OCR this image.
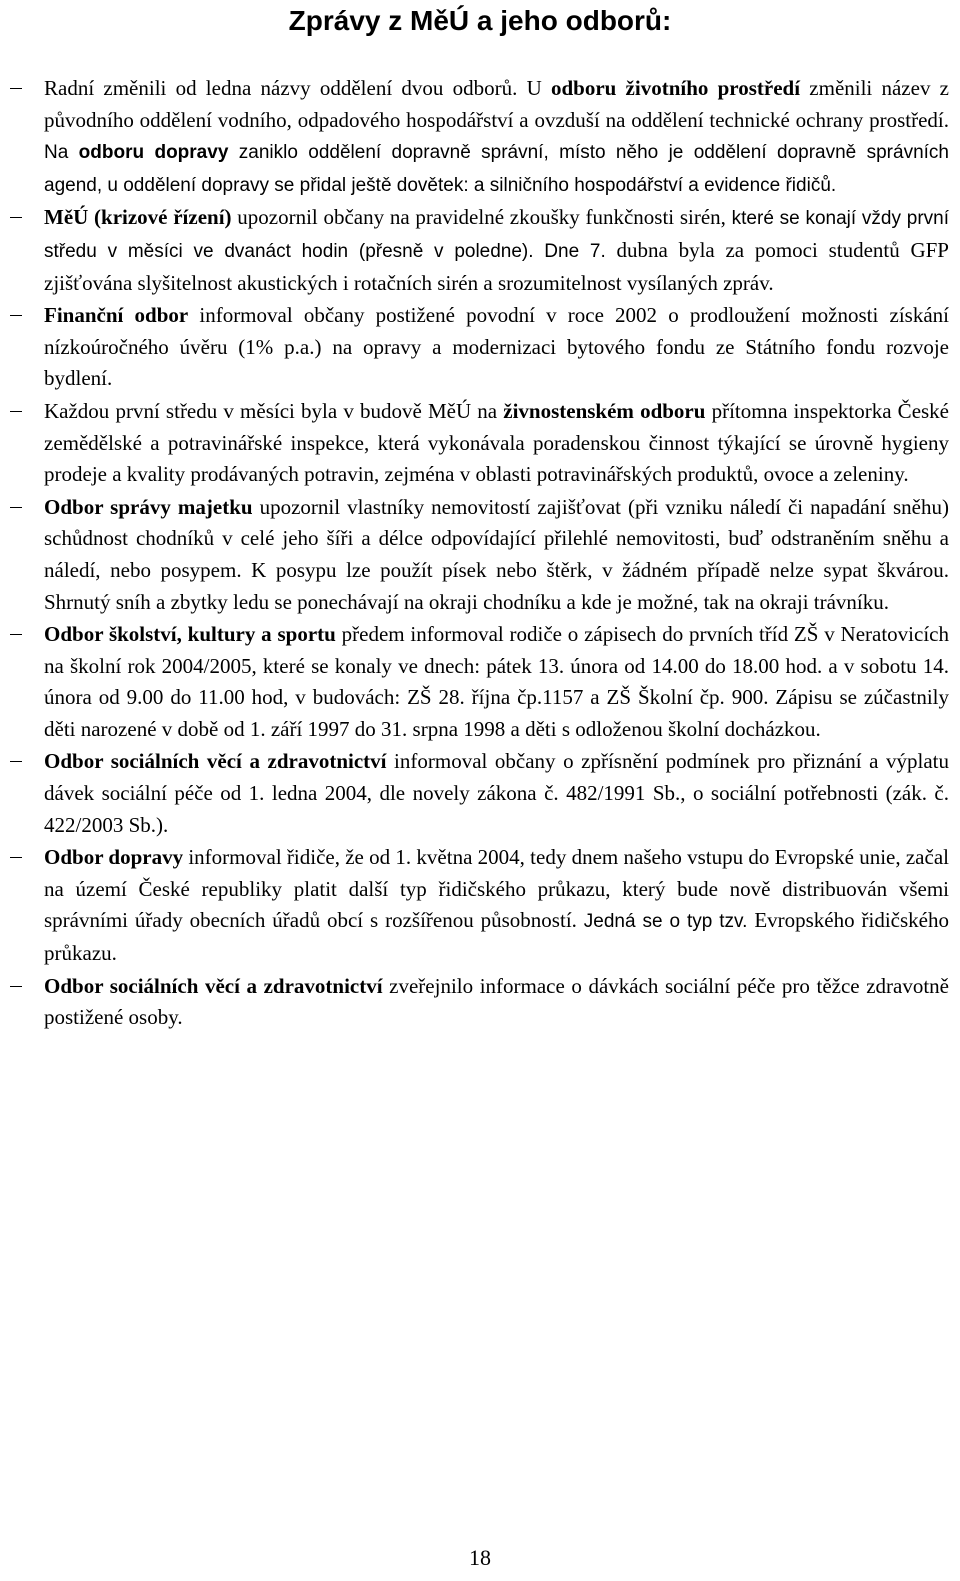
Zprávy z MěÚ a jeho odborů:
Radní změnili od ledna názvy oddělení dvou odborů. U odboru životního prostředí změnili název z původního oddělení vodního, odpadového hospodářství a ovzduší na oddělení technické ochrany prostředí. Na odboru dopravy zaniklo oddělení dopravně správní, místo něho je oddělení dopravně správních agend, u oddělení dopravy se přidal ještě dovětek: a silničního hospodářství a evidence řidičů.
MěÚ (krizové řízení) upozornil občany na pravidelné zkoušky funkčnosti sirén, které se konají vždy první středu v měsíci ve dvanáct hodin (přesně v poledne). Dne 7. dubna byla za pomoci studentů GFP zjišťována slyšitelnost akustických i rotačních sirén a srozumitelnost vysílaných zpráv.
Finanční odbor informoval občany postižené povodní v roce 2002 o prodloužení možnosti získání nízkoúročného úvěru (1% p.a.) na opravy a modernizaci bytového fondu ze Státního fondu rozvoje bydlení.
Každou první středu v měsíci byla v budově MěÚ na živnostenském odboru přítomna inspektorka České zemědělské a potravinářské inspekce, která vykonávala poradenskou činnost týkající se úrovně hygieny prodeje a kvality prodávaných potravin, zejména v oblasti potravinářských produktů, ovoce a zeleniny.
Odbor správy majetku upozornil vlastníky nemovitostí zajišťovat (při vzniku náledí či napadání sněhu) schůdnost chodníků v celé jeho šíři a délce odpovídající přilehlé nemovitosti, buď odstraněním sněhu a náledí, nebo posypem. K posypu lze použít písek nebo štěrk, v žádném případě nelze sypat škvárou. Shrnutý sníh a zbytky ledu se ponechávají na okraji chodníku a kde je možné, tak na okraji trávníku.
Odbor školství, kultury a sportu předem informoval rodiče o zápisech do prvních tříd ZŠ v Neratovicích na školní rok 2004/2005, které se konaly ve dnech: pátek 13. února od 14.00 do 18.00 hod. a v sobotu 14. února od 9.00 do 11.00 hod, v budovách: ZŠ 28. října čp.1157 a ZŠ Školní čp. 900. Zápisu se zúčastnily děti narozené v době od 1. září 1997 do 31. srpna 1998 a děti s odloženou školní docházkou.
Odbor sociálních věcí a zdravotnictví informoval občany o zpřísnění podmínek pro přiznání a výplatu dávek sociální péče od 1. ledna 2004, dle novely zákona č. 482/1991 Sb., o sociální potřebnosti (zák. č. 422/2003 Sb.).
Odbor dopravy informoval řidiče, že od 1. května 2004, tedy dnem našeho vstupu do Evropské unie, začal na území České republiky platit další typ řidičského průkazu, který bude nově distribuován všemi správními úřady obecních úřadů obcí s rozšířenou působností. Jedná se o typ tzv. Evropského řidičského průkazu.
Odbor sociálních věcí a zdravotnictví zveřejnilo informace o dávkách sociální péče pro těžce zdravotně postižené osoby.
18
